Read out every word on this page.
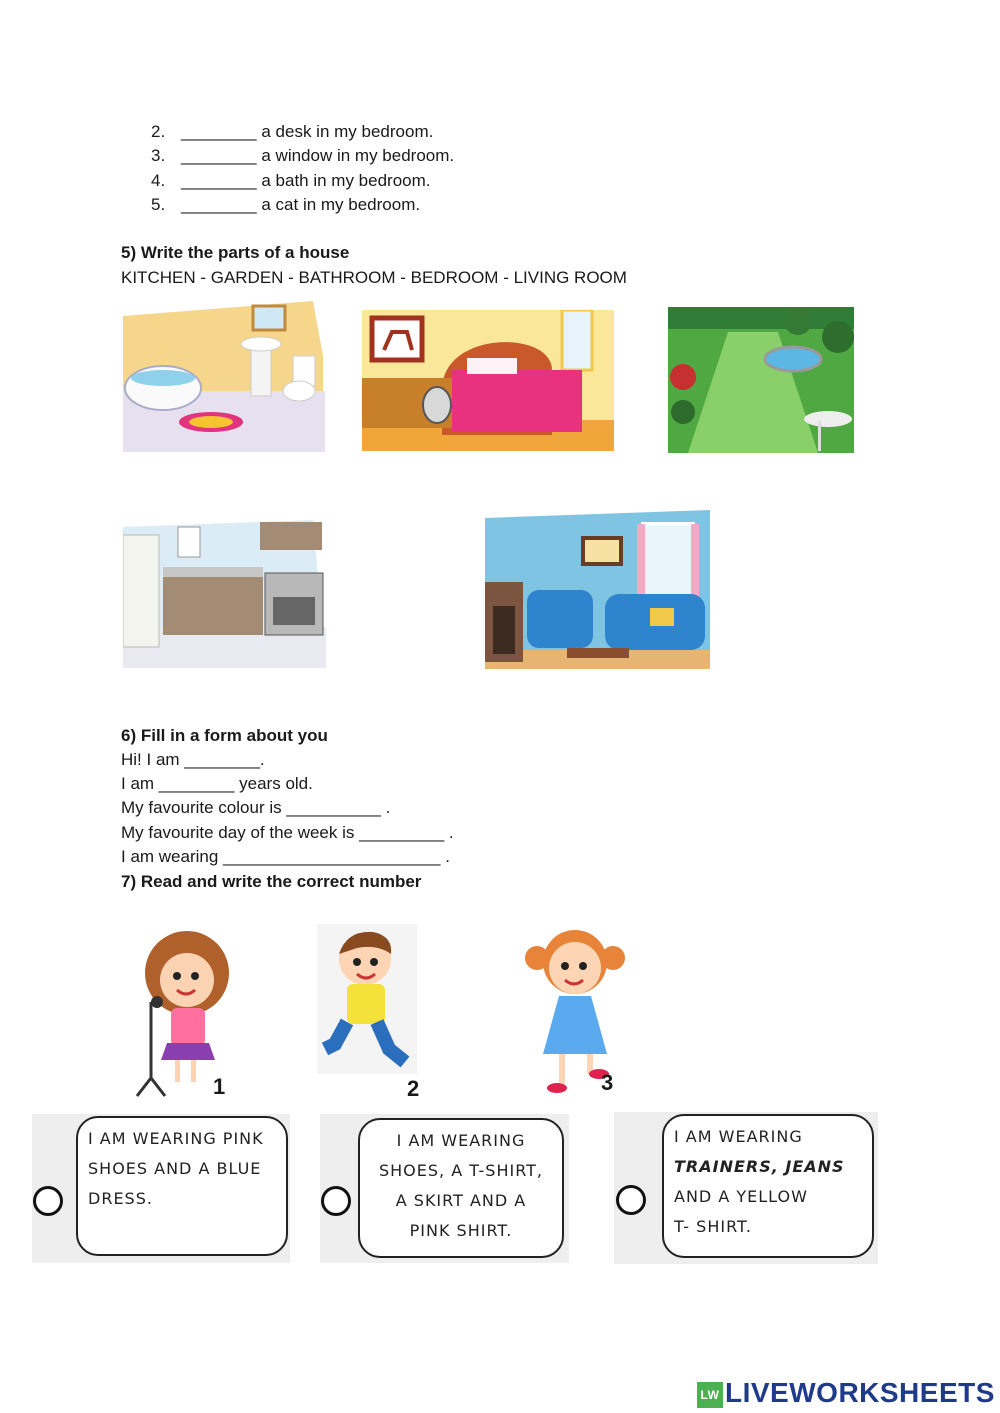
2. ________ a desk in my bedroom.
3. ________ a window in my bedroom.
4. ________ a bath in my bedroom.
5. ________ a cat in my bedroom.
5) Write the parts of a house
KITCHEN - GARDEN - BATHROOM - BEDROOM - LIVING ROOM
6) Fill in a form about you
Hi! I am ________.
I am ________ years old.
My favourite colour is __________ .
My favourite day of the week is _________ .
I am wearing _______________________ .
7) Read and write the correct number
1	2	3
I AM WEARING PINK
SHOES AND A BLUE
DRESS.
I AM WEARING
SHOES, A T-SHIRT,
A SKIRT AND A
PINK SHIRT.
I AM WEARING
TRAINERS, JEANS
AND A YELLOW
T- SHIRT.
LW LIVEWORKSHEETS
